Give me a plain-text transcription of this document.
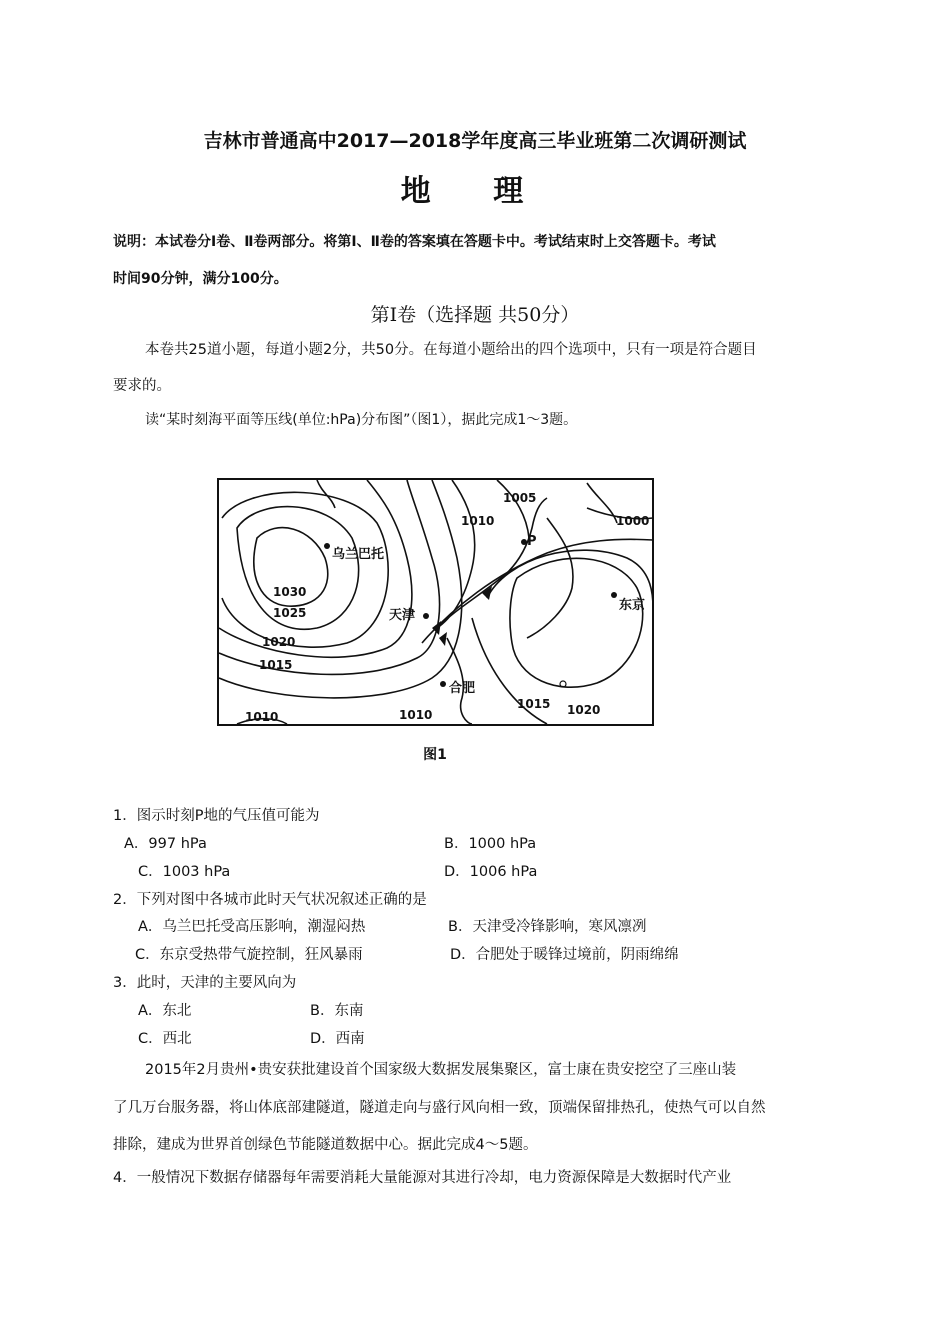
吉林市普通高中2017—2018学年度高三毕业班第二次调研测试
地 理
说明：本试卷分Ⅰ卷、Ⅱ卷两部分。将第Ⅰ、Ⅱ卷的答案填在答题卡中。考试结束时上交答题卡。考试
时间90分钟，满分100分。
第Ⅰ卷（选择题 共50分）
本卷共25道小题，每道小题2分，共50分。在每道小题给出的四个选项中，只有一项是符合题目
要求的。
读“某时刻海平面等压线(单位:hPa)分布图”（图1），据此完成1～3题。
乌兰巴托
天津
P
东京
合肥
1030
1025
1020
1015
1010
1005
1000
1010	1010
1015 1020
图1
1．图示时刻P地的气压值可能为
A．997 hPa	B．1000 hPa
C．1003 hPa	D．1006 hPa
2．下列对图中各城市此时天气状况叙述正确的是
A．乌兰巴托受高压影响，潮湿闷热	B．天津受冷锋影响，寒风凛冽
C．东京受热带气旋控制，狂风暴雨	D．合肥处于暖锋过境前，阴雨绵绵
3．此时，天津的主要风向为
A．东北	B．东南
C．西北	D．西南
2015年2月贵州•贵安获批建设首个国家级大数据发展集聚区，富士康在贵安挖空了三座山装
了几万台服务器，将山体底部建隧道，隧道走向与盛行风向相一致，顶端保留排热孔，使热气可以自然
排除，建成为世界首创绿色节能隧道数据中心。据此完成4～5题。
4．一般情况下数据存储器每年需要消耗大量能源对其进行冷却，电力资源保障是大数据时代产业
